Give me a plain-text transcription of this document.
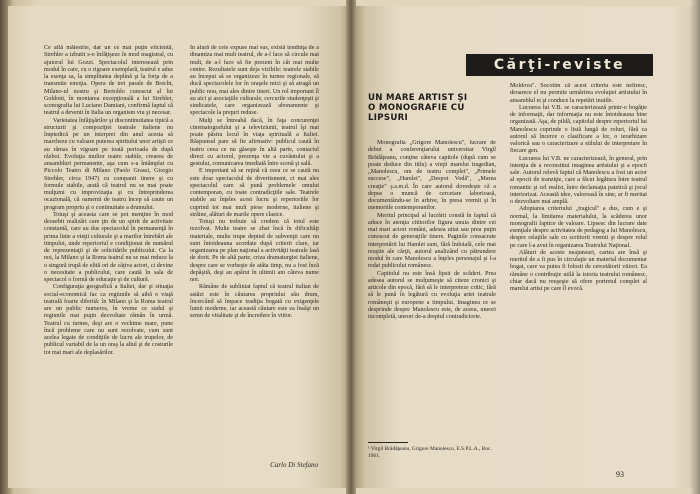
Ce află măiestrie, dar un ce mai puţin eficientă, Strehler a izbutit s-o înfăţişeze în mod magistral, cu ajutorul lui Gozzi. Spectacolul interesează prin modul în care, cu o rigoare exemplară, teatrul e adus la esenţa sa, la simplitatea deplină şi la forţa de a transmite emoţia. Opera de trei parale de Brecht, Milano-ul nostru şi Bertoldo cunoscut al lui Goldoni, în montarea excepţională a lui Strehler, scenografia lui Luciano Damiani, confirmă faptul că teatrul a devenit în Italia un organism viu şi necesar.

Varietatea înfăţişărilor şi discontinuitatea tipică a structurii şi compoziţiei teatrale italiene nu împiedică pe un interpret din anul acesta să marcheze cu valoare puterea spiritului unor artişti ce au rămas în vigoare pe toată perioada de după război. Evoluţia multor teatre stabile, crearea de ansambluri permanente, aşa cum s-a întâmplat cu Piccolo Teatro di Milano (Paolo Grassi, Giorgio Strehler, circa 1947) cu companii tinere şi cu formule stabile, arată că teatrul nu se mai poate mulţumi cu improvizaţia şi cu întreprinderea ocazională, că oamenii de teatru încep să caute un program propriu şi o continuitate a drumului.

Totuşi şi aceasta care se pot menţine în mod deosebit realizări care ţin de un spirit de activitate constantă, care au dus spectacolul în permanenţă în prima linie a vieţii culturale şi a marilor întrebări ale timpului, unde repertoriul e condiţionat de numărul de reprezentaţii şi de solicitările publicului. Ca la noi, la Milano şi la Roma teatrul nu se mai reduce la o singură trupă de elită ori de câţiva actori, ci devine o necesitate a publicului, care caută în sala de spectacol o formă de educaţie şi de cultură.

Configuraţia geografică a Italiei, dar şi situaţia social-economică fac ca regiunile să aibă o viaţă teatrală foarte diferită: în Milano şi la Roma teatrul are un public numeros, în vreme ce sudul şi regiunile mai puţin dezvoltate rămân în urmă. Teatrul cu turnee, deşi are o vechime mare, pune încă probleme care nu sunt rezolvate, cum sunt acelea legate de condiţiile de lucru ale trupelor, de publicul variabil de la un oraş la altul şi de costurile tot mai mari ale deplasărilor.

În afară de cele expuse mai sus, există tendinţa de a dinamiza mai mult teatrul, de a-l face să circule mai mult, de a-l face să fie prezent în cât mai multe centre. Rezultatele sunt deja vizibile: teatrele stabile au început să se organizeze în turnee regionale, să ducă spectacolele lor în oraşele mici şi să atragă un public nou, mai ales dintre tineri. Un rol important îl au aici şi asociaţiile culturale, cercurile studenţeşti şi sindicatele, care organizează abonamente şi spectacole la preţuri reduse.

Mulţi se întreabă dacă, în faţa concurenţei cinematografului şi a televiziunii, teatrul îşi mai poate păstra locul în viaţa spirituală a Italiei. Răspunsul pare să fie afirmativ: publicul caută în teatru ceea ce nu găseşte în altă parte, contactul direct cu actorul, prezenţa vie a cuvântului şi a gestului, comunicarea imediată între scenă şi sală.

E important să se reţină că ceea ce se caută nu este doar spectacolul de divertisment, ci mai ales spectacolul care să pună problemele omului contemporan, cu toate contradicţiile sale. Teatrele stabile au înţeles acest lucru şi repertoriile lor cuprind tot mai mult piese moderne, italiene şi străine, alături de marile opere clasice.

Totuşi nu trebuie să credem că totul este rezolvat. Multe teatre se zbat încă în dificultăţi materiale, multe trupe depind de subvenţii care nu sunt întotdeauna acordate după criterii clare, iar organizarea pe plan naţional a activităţii teatrale lasă de dorit. Pe de altă parte, criza dramaturgiei italiene, despre care se vorbeşte de atâta timp, nu a fost încă depăşită, deşi au apărut în ultimii ani câteva nume noi.

Rămâne de subliniat faptul că teatrul italian de astăzi este în căutarea propriului său drum, încercând să împace tradiţia bogată cu exigenţele lumii moderne, iar această căutare este ea însăşi un semn de vitalitate şi de încredere în viitor.

Carlo Di Stefano
Cărţi-reviste
UN MARE ARTIST ŞI O MONOGRAFIE CU LIPSURI

Monografia „Grigore Manolescu", lucrare de debut a conferenţiarului universitar Virgil Brădăţeanu, conţine câteva capitole (după cum se poate deduce din titlu) a vieţii marelui tragedian, „Manolescu, om de teatru complet", „Primele succese", „Hamlet", „Despot Vodă", „Marea creaţie" ş.a.m.d. În care autorul dovedeşte că a depus o muncă de cercetare laborioasă, documentându-se în arhive, în presa vremii şi în memoriile contemporanilor.

Meritul principal al lucrării constă în faptul că aduce în atenţia cititorilor figura unuia dintre cei mai mari actori români, adesea uitat sau prea puţin cunoscut de generaţiile tinere. Paginile consacrate interpretării lui Hamlet sunt, fără îndoială, cele mai reuşite ale cărţii, autorul analizând cu pătrundere modul în care Manolescu a înţeles personajul şi l-a redat publicului românesc.

Capitolul nu este însă lipsit de scăderi. Prea adesea autorul se mulţumeşte să citeze cronici şi articole din epocă, fără să le interpreteze critic, fără să le pună în legătură cu evoluţia artei teatrale româneşti şi europene a timpului. Imaginea ce se desprinde despre Manolescu este, de aceea, uneori incompletă, uneori de-a dreptul contradictorie.

Moldova". Socotim că acest criteriu este nefiresc, deoarece el nu permite urmărirea evoluţiei artistului în ansamblul ei şi conduce la repetări inutile.

Lucrarea lui V.B. se caracterizează printr-o bogăţie de informaţii, dar informaţia nu este întotdeauna bine organizată. Aşa, de pildă, capitolul despre repertoriul lui Manolescu cuprinde o listă lungă de roluri, fără ca autorul să încerce o clasificare a lor, o ierarhizare valorică sau o caracterizare a stilului de interpretare în fiecare gen.

Lucrarea lui V.B. ne caracterizează, în general, prin intenţia de a reconstitui imaginea artistului şi a epocii sale. Autorul relevă faptul că Manolescu a fost un actor al epocii de tranziţie, care a făcut legătura între teatrul romantic şi cel realist, între declamaţia patetică şi jocul interiorizat. Această idee, valoroasă în sine, ar fi meritat o dezvoltare mai amplă.

Adoptarea criteriului „tragicul" a dus, cum e şi normal, la limitarea materialului, la scăderea unor monografii faptice de valoare. Lipsesc din lucrare date esenţiale despre activitatea de pedagog a lui Manolescu, despre relaţiile sale cu scriitorii vremii şi despre rolul pe care l-a avut în organizarea Teatrului Naţional.

Alături de aceste neajunsuri, cartea are însă şi meritul de a fi pus în circulaţie un material documentar bogat, care va putea fi folosit de cercetătorii viitori. Ea rămâne o contribuţie utilă la istoria teatrului românesc, chiar dacă nu reuşeşte să ofere portretul complet al marelui artist pe care îl evocă.

¹ Virgil Brădăţeanu, Grigore Manolescu, E.S.P.L.A., Buc. 1961.
93
